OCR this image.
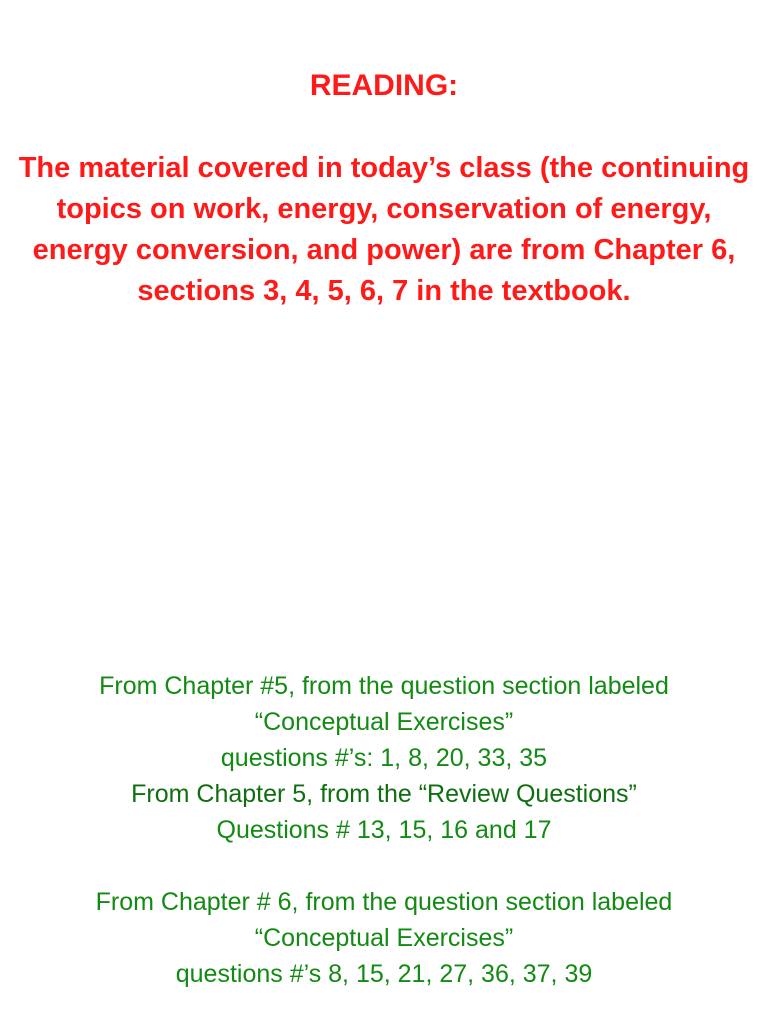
READING:
The material covered in today’s class (the continuing topics on work, energy, conservation of energy, energy conversion, and power) are from Chapter 6, sections 3, 4, 5, 6, 7 in the textbook.
From Chapter #5, from the question section labeled
“Conceptual Exercises”
questions #’s: 1, 8, 20, 33, 35
From Chapter 5, from the “Review Questions”
Questions # 13, 15, 16 and 17
From Chapter # 6, from the question section labeled
“Conceptual Exercises”
questions #’s 8, 15, 21, 27, 36, 37, 39
